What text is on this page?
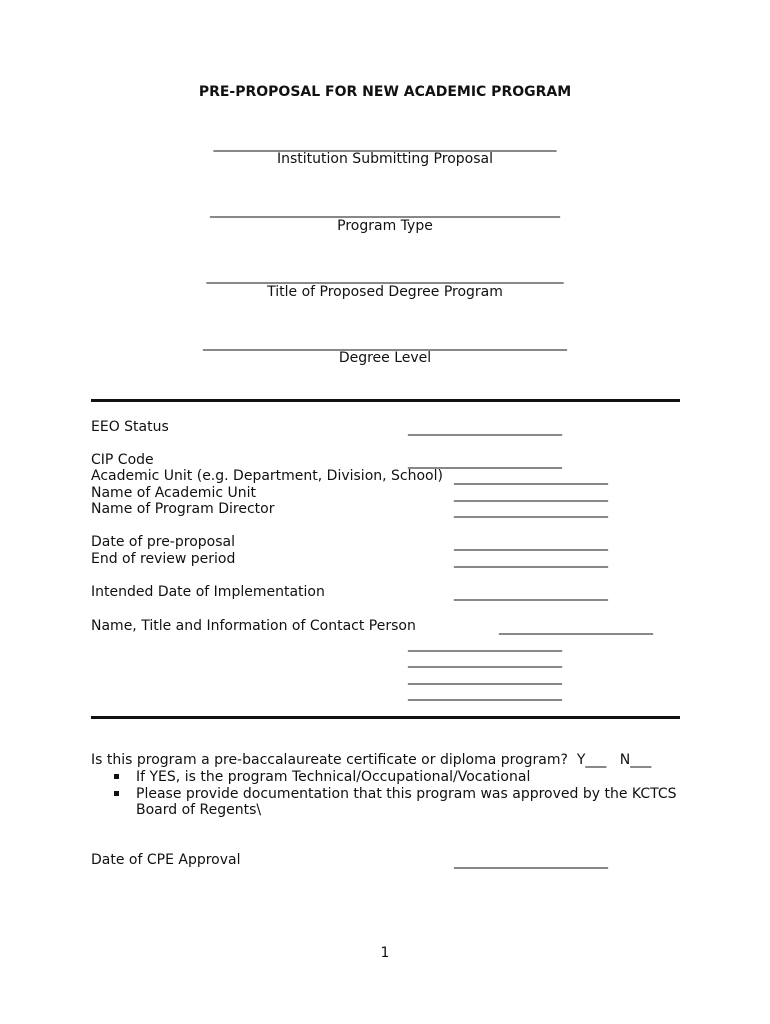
PRE-PROPOSAL FOR NEW ACADEMIC PROGRAM
_________________________________________________
Institution Submitting Proposal
__________________________________________________
Program Type
___________________________________________________
Title of Proposed Degree Program
____________________________________________________
Degree Level
EEO Status	______________________
CIP Code	______________________
Academic Unit (e.g. Department, Division, School) ______________________
Name of Academic Unit	______________________
Name of Program Director	______________________
Date of pre-proposal	______________________
End of review period	______________________
Intended Date of Implementation	______________________
Name, Title and Information of Contact Person	______________________
______________________
______________________
______________________
______________________
Is this program a pre-baccalaureate certificate or diploma program?  Y___   N___
If YES, is the program Technical/Occupational/Vocational
Please provide documentation that this program was approved by the KCTCS
Board of Regents\
Date of CPE Approval	______________________
1
